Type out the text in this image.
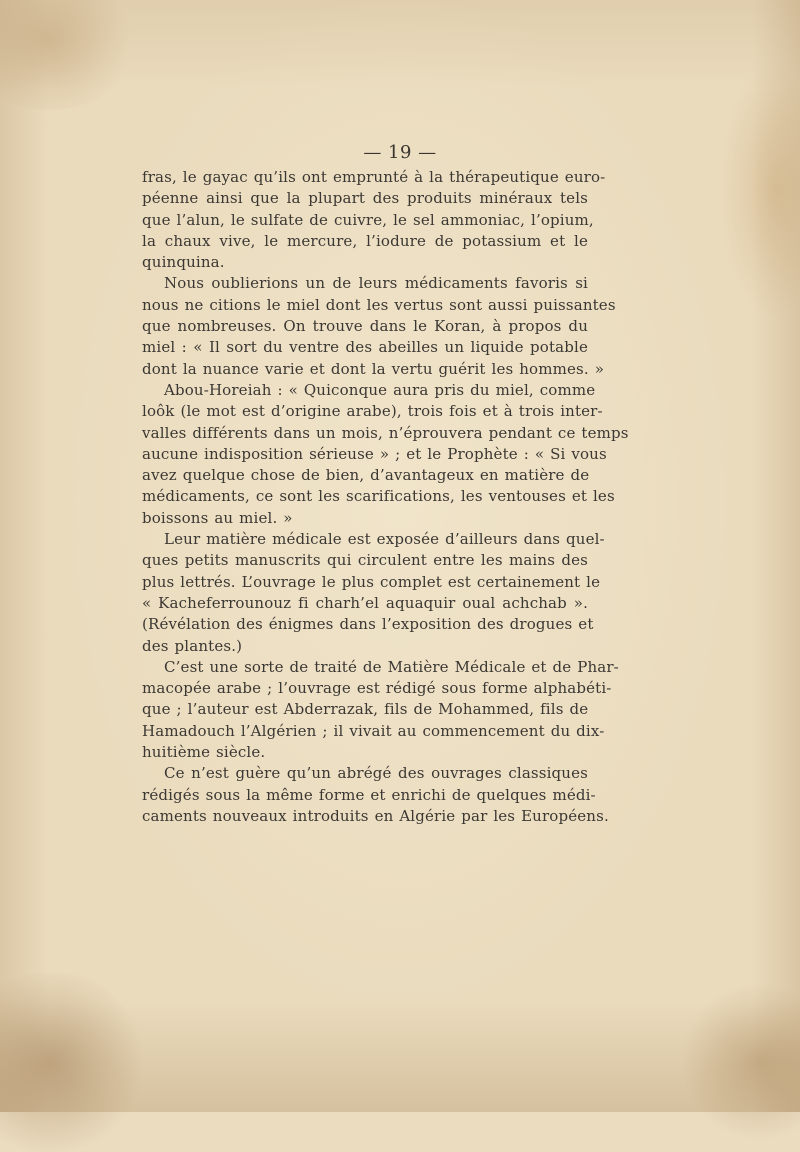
— 19 —
fras, le gayac qu’ils ont emprunté à la thérapeutique euro-
péenne ainsi que la plupart des produits minéraux tels
que l’alun, le sulfate de cuivre, le sel ammoniac, l’opium,
la chaux vive, le mercure, l’iodure de potassium et le
quinquina.
Nous oublierions un de leurs médicaments favoris si
nous ne citions le miel dont les vertus sont aussi puissantes
que nombreuses. On trouve dans le Koran, à propos du
miel : « Il sort du ventre des abeilles un liquide potable
dont la nuance varie et dont la vertu guérit les hommes. »
Abou-Horeiah : « Quiconque aura pris du miel, comme
loôk (le mot est d’origine arabe), trois fois et à trois inter-
valles différents dans un mois, n’éprouvera pendant ce temps
aucune indisposition sérieuse » ; et le Prophète : « Si vous
avez quelque chose de bien, d’avantageux en matière de
médicaments, ce sont les scarifications, les ventouses et les
boissons au miel. »
Leur matière médicale est exposée d’ailleurs dans quel-
ques petits manuscrits qui circulent entre les mains des
plus lettrés. L’ouvrage le plus complet est certainement le
« Kacheferrounouz fi charh’el aquaquir oual achchab ».
(Révélation des énigmes dans l’exposition des drogues et
des plantes.)
C’est une sorte de traité de Matière Médicale et de Phar-
macopée arabe ; l’ouvrage est rédigé sous forme alphabéti-
que ; l’auteur est Abderrazak, fils de Mohammed, fils de
Hamadouch l’Algérien ; il vivait au commencement du dix-
huitième siècle.
Ce n’est guère qu’un abrégé des ouvrages classiques
rédigés sous la même forme et enrichi de quelques médi-
caments nouveaux introduits en Algérie par les Européens.
